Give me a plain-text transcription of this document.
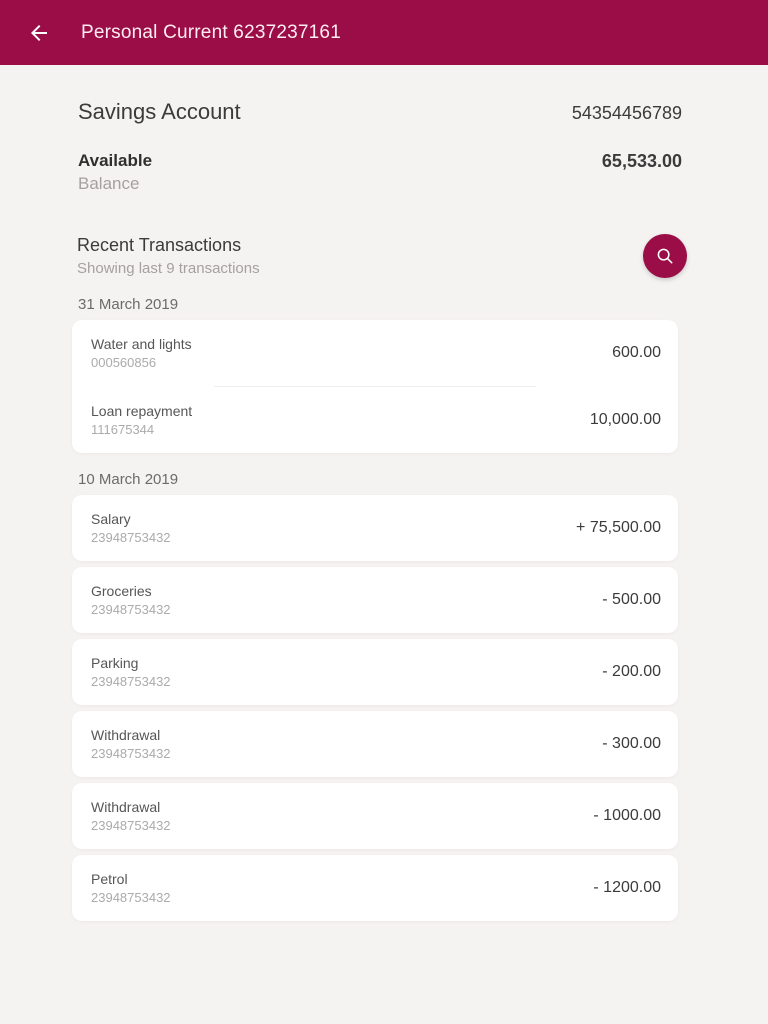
Personal Current 6237237161
Savings Account	54354456789
Available
Balance
65,533.00
Recent Transactions
Showing last 9 transactions
31 March 2019
Water and lights
000560856
600.00
Loan repayment
111675344
10,000.00
10 March 2019
Salary
23948753432
+ 75,500.00
Groceries
23948753432
- 500.00
Parking
23948753432
- 200.00
Withdrawal
23948753432
- 300.00
Withdrawal
23948753432
- 1000.00
Petrol
23948753432
- 1200.00
